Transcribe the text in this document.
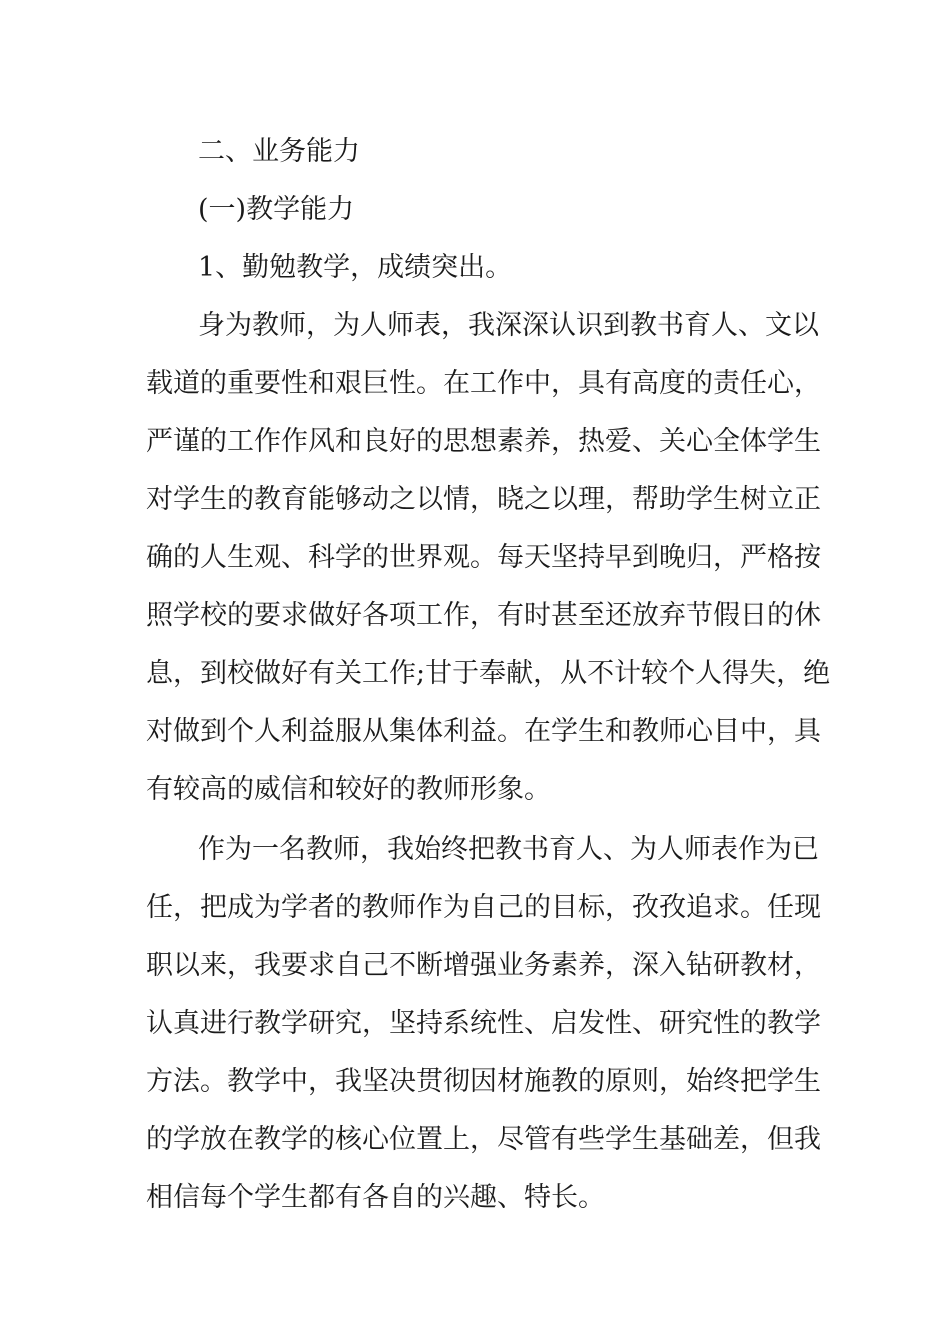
二、业务能力
(一)教学能力
1、勤勉教学，成绩突出。
身为教师，为人师表，我深深认识到教书育人、文以
载道的重要性和艰巨性。在工作中，具有高度的责任心，
严谨的工作作风和良好的思想素养，热爱、关心全体学生
对学生的教育能够动之以情，晓之以理，帮助学生树立正
确的人生观、科学的世界观。每天坚持早到晚归，严格按
照学校的要求做好各项工作，有时甚至还放弃节假日的休
息，到校做好有关工作;甘于奉献，从不计较个人得失，绝
对做到个人利益服从集体利益。在学生和教师心目中，具
有较高的威信和较好的教师形象。
作为一名教师，我始终把教书育人、为人师表作为已
任，把成为学者的教师作为自己的目标，孜孜追求。任现
职以来，我要求自己不断增强业务素养，深入钻研教材，
认真进行教学研究，坚持系统性、启发性、研究性的教学
方法。教学中，我坚决贯彻因材施教的原则，始终把学生
的学放在教学的核心位置上，尽管有些学生基础差，但我
相信每个学生都有各自的兴趣、特长。
